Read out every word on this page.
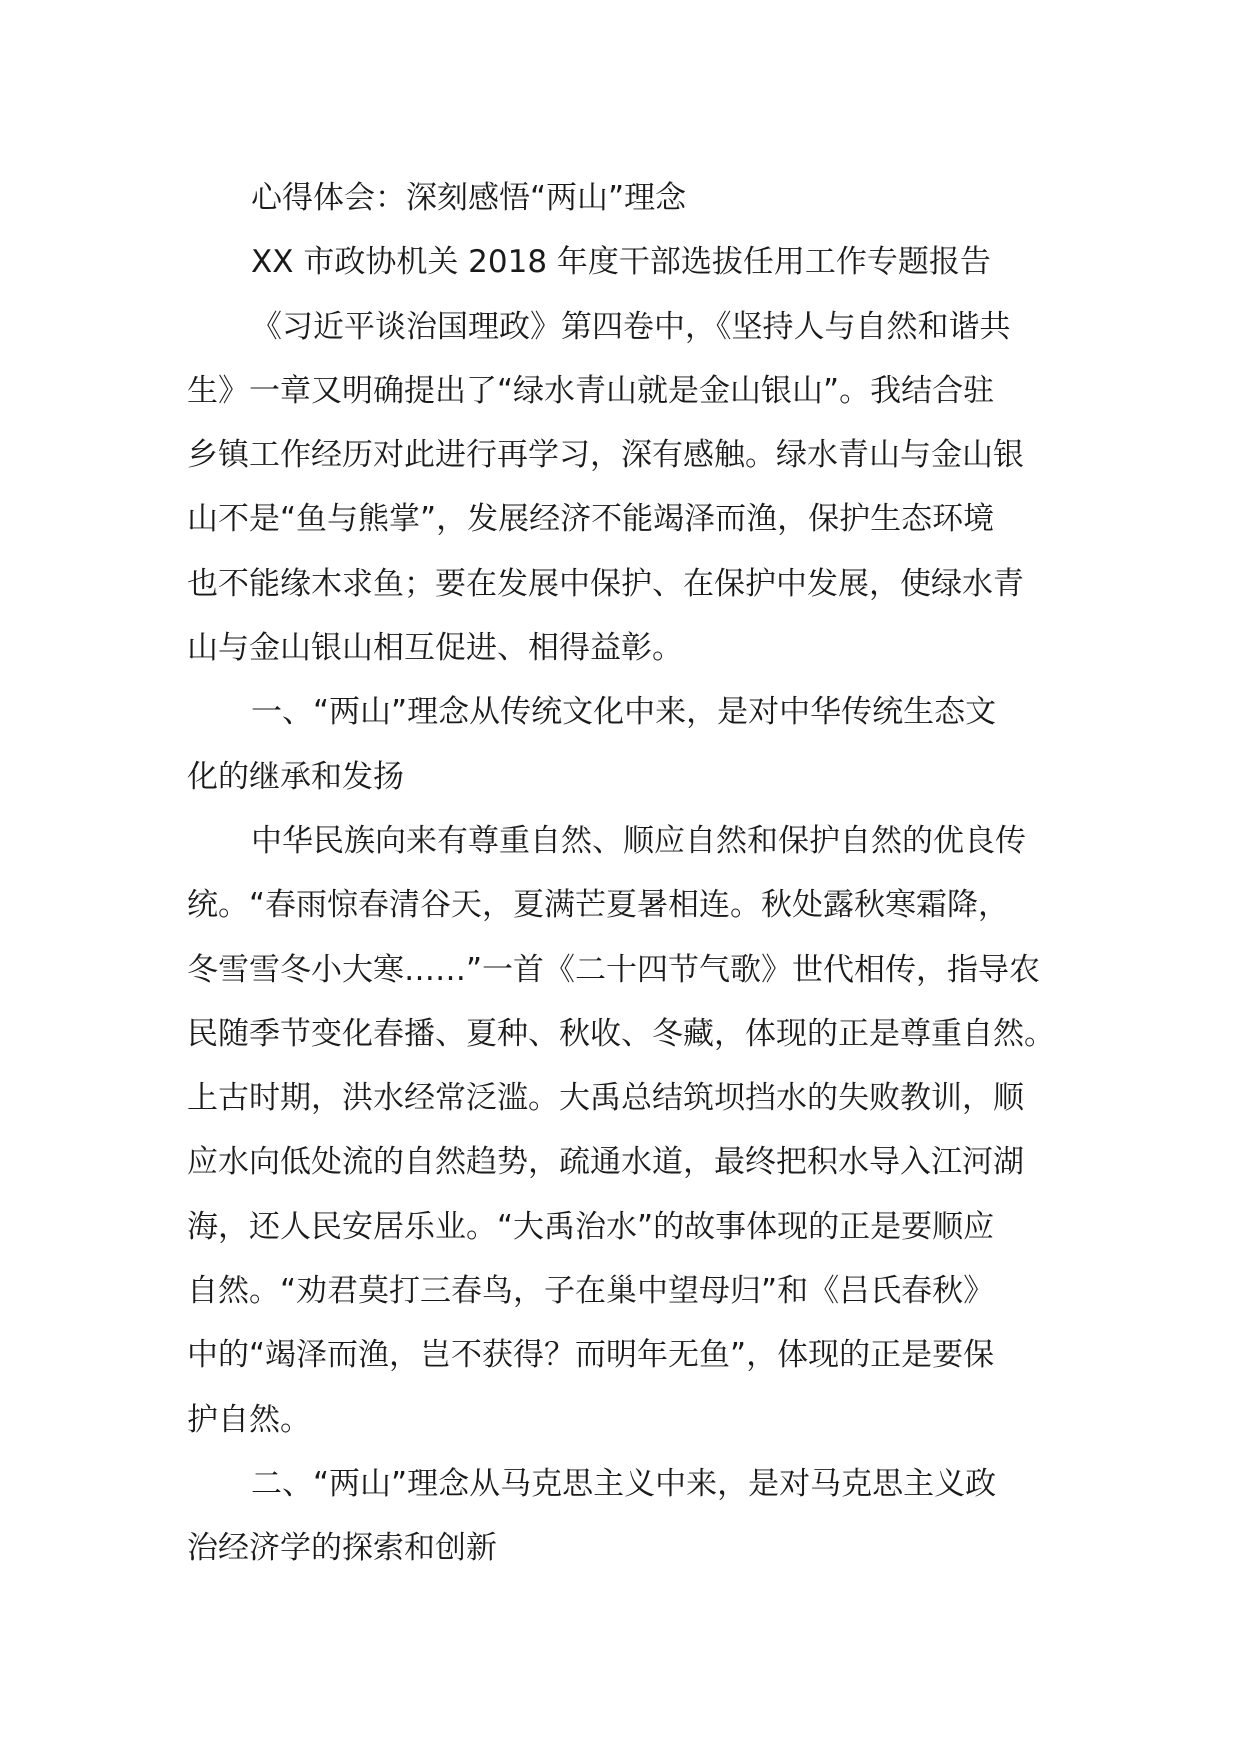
心得体会：深刻感悟“两山”理念
XX 市政协机关 2018 年度干部选拔任用工作专题报告
《习近平谈治国理政》第四卷中，《坚持人与自然和谐共
生》一章又明确提出了“绿水青山就是金山银山”。我结合驻
乡镇工作经历对此进行再学习，深有感触。绿水青山与金山银
山不是“鱼与熊掌”，发展经济不能竭泽而渔，保护生态环境
也不能缘木求鱼；要在发展中保护、在保护中发展，使绿水青
山与金山银山相互促进、相得益彰。
一、“两山”理念从传统文化中来，是对中华传统生态文
化的继承和发扬
中华民族向来有尊重自然、顺应自然和保护自然的优良传
统。“春雨惊春清谷天，夏满芒夏暑相连。秋处露秋寒霜降，
冬雪雪冬小大寒……”一首《二十四节气歌》世代相传，指导农
民随季节变化春播、夏种、秋收、冬藏，体现的正是尊重自然。
上古时期，洪水经常泛滥。大禹总结筑坝挡水的失败教训，顺
应水向低处流的自然趋势，疏通水道，最终把积水导入江河湖
海，还人民安居乐业。“大禹治水”的故事体现的正是要顺应
自然。“劝君莫打三春鸟，子在巢中望母归”和《吕氏春秋》
中的“竭泽而渔，岂不获得？而明年无鱼”，体现的正是要保
护自然。
二、“两山”理念从马克思主义中来，是对马克思主义政
治经济学的探索和创新
